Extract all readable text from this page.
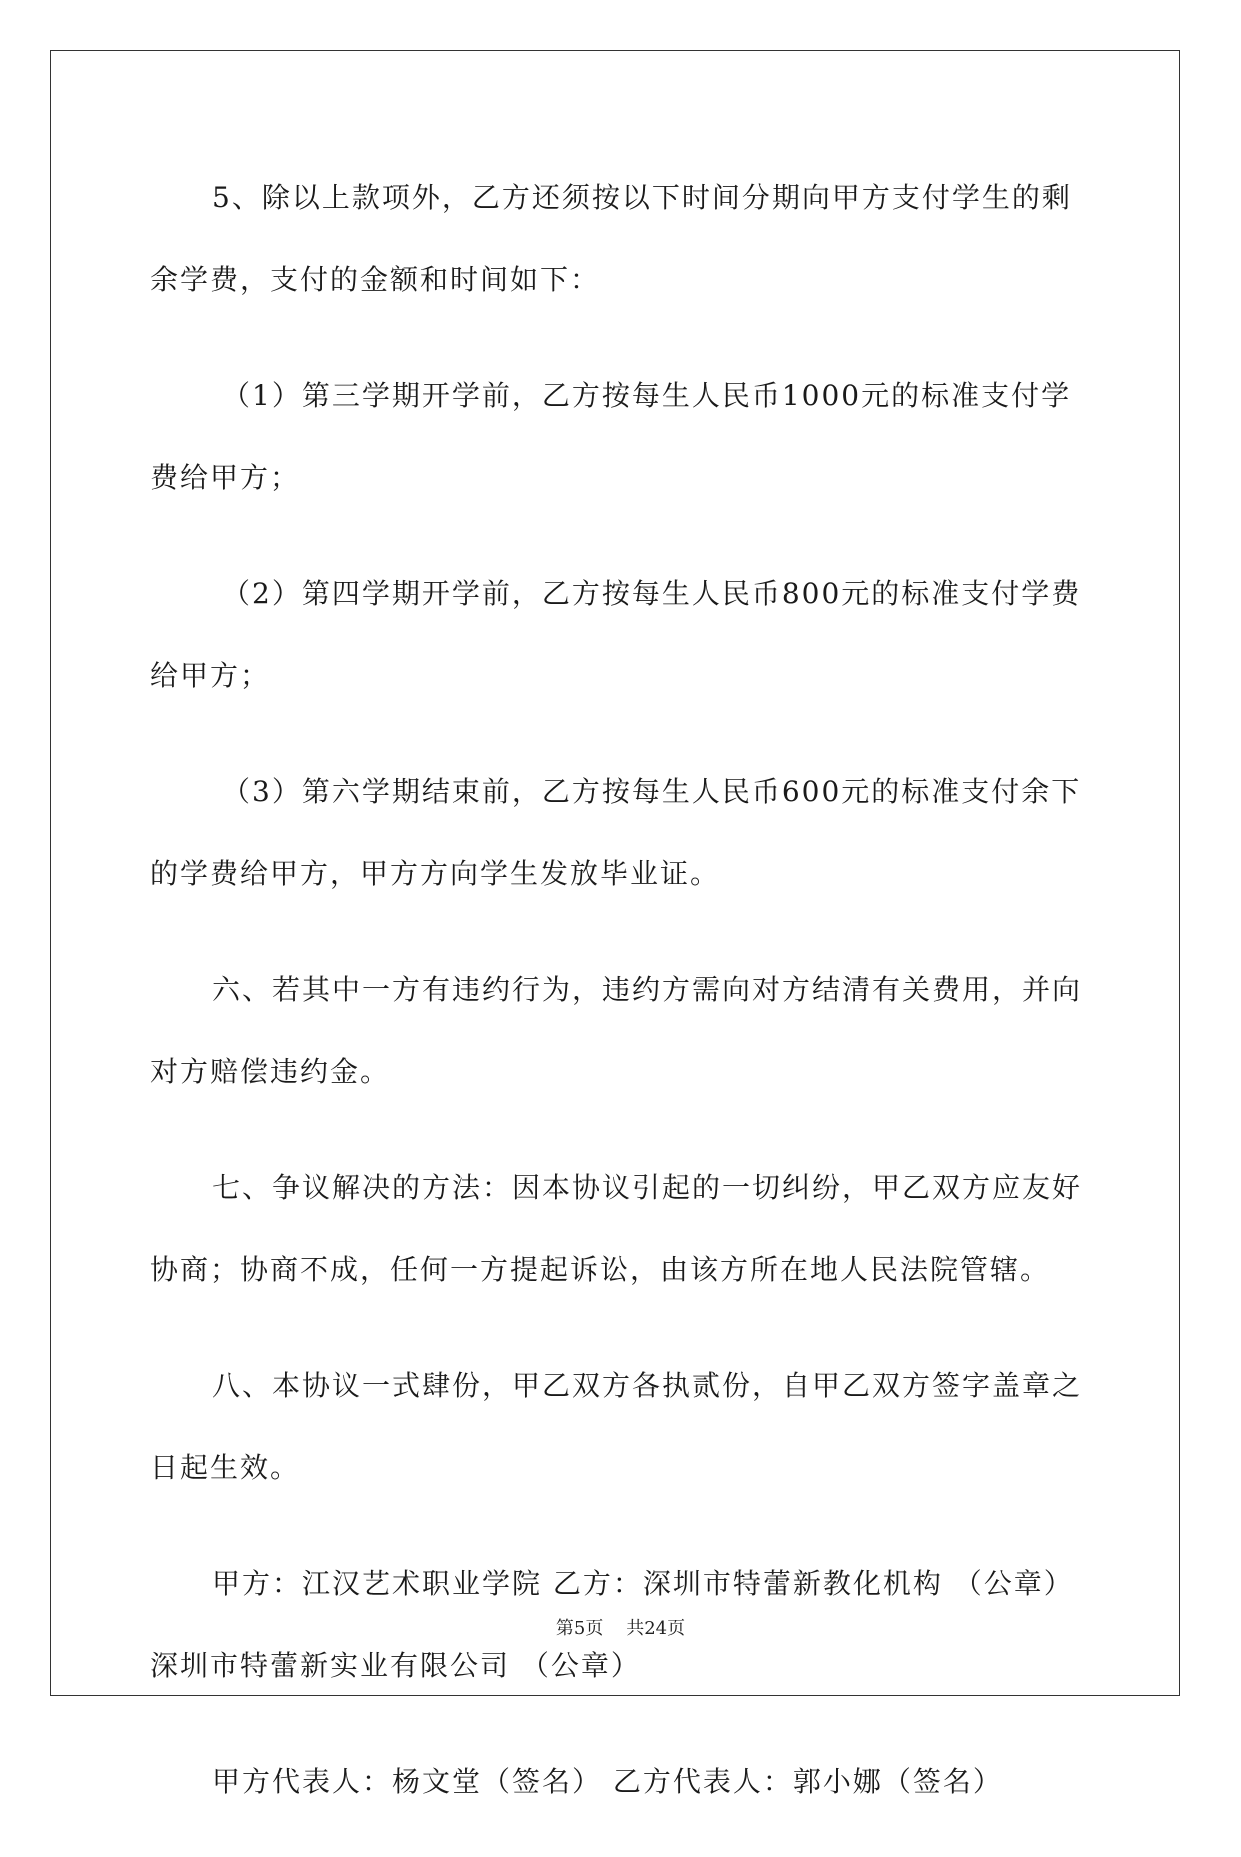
5、除以上款项外，乙方还须按以下时间分期向甲方支付学生的剩余学费，支付的金额和时间如下：

（1）第三学期开学前，乙方按每生人民币1000元的标准支付学费给甲方；

（2）第四学期开学前，乙方按每生人民币800元的标准支付学费给甲方；

（3）第六学期结束前，乙方按每生人民币600元的标准支付余下的学费给甲方，甲方方向学生发放毕业证。

六、若其中一方有违约行为，违约方需向对方结清有关费用，并向对方赔偿违约金。

七、争议解决的方法：因本协议引起的一切纠纷，甲乙双方应友好协商；协商不成，任何一方提起诉讼，由该方所在地人民法院管辖。

八、本协议一式肆份，甲乙双方各执贰份，自甲乙双方签字盖章之日起生效。

甲方：江汉艺术职业学院 乙方：深圳市特蕾新教化机构 （公章）深圳市特蕾新实业有限公司 （公章）

甲方代表人：杨文堂（签名） 乙方代表人：郭小娜（签名）

第5页 共24页
